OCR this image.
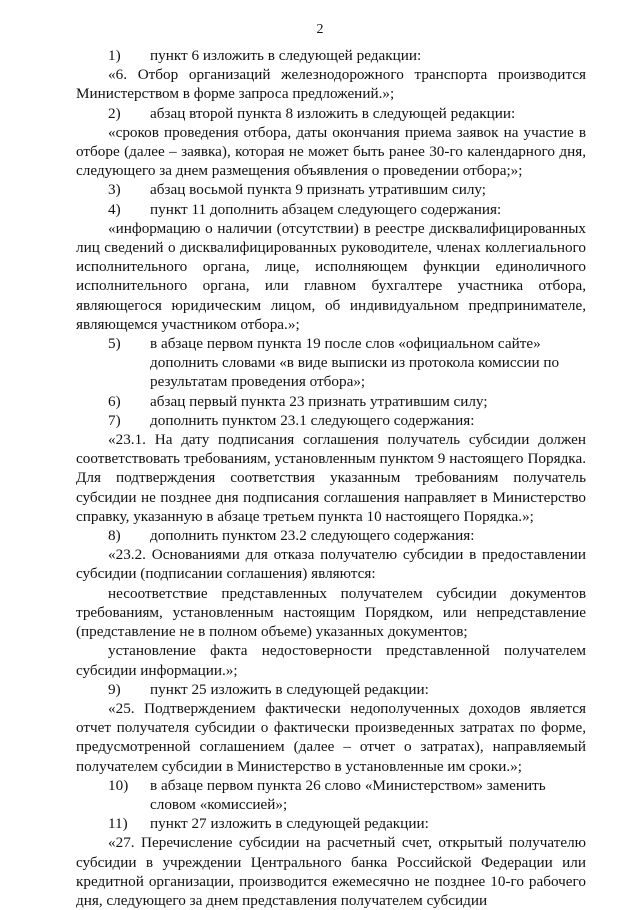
2

1)	пункт 6 изложить в следующей редакции:

«6. Отбор организаций железнодорожного транспорта производится Министерством в форме запроса предложений.»;

2)	абзац второй пункта 8 изложить в следующей редакции:

«сроков проведения отбора, даты окончания приема заявок на участие в отборе (далее – заявка), которая не может быть ранее 30-го календарного дня, следующего за днем размещения объявления о проведении отбора;»;

3)	абзац восьмой пункта 9 признать утратившим силу;

4)	пункт 11 дополнить абзацем следующего содержания:

«информацию о наличии (отсутствии) в реестре дисквалифицированных лиц сведений о дисквалифицированных руководителе, членах коллегиального исполнительного органа, лице, исполняющем функции единоличного исполнительного органа, или главном бухгалтере участника отбора, являющегося юридическим лицом, об индивидуальном предпринимателе, являющемся участником отбора.»;

5)	в абзаце первом пункта 19 после слов «официальном сайте» дополнить словами «в виде выписки из протокола комиссии по результатам проведения отбора»;

6)	абзац первый пункта 23 признать утратившим силу;

7)	дополнить пунктом 23.1 следующего содержания:

«23.1. На дату подписания соглашения получатель субсидии должен соответствовать требованиям, установленным пунктом 9 настоящего Порядка. Для подтверждения соответствия указанным требованиям получатель субсидии не позднее дня подписания соглашения направляет в Министерство справку, указанную в абзаце третьем пункта 10 настоящего Порядка.»;

8)	дополнить пунктом 23.2 следующего содержания:

«23.2. Основаниями для отказа получателю субсидии в предоставлении субсидии (подписании соглашения) являются:

несоответствие представленных получателем субсидии документов требованиям, установленным настоящим Порядком, или непредставление (представление не в полном объеме) указанных документов;

установление факта недостоверности представленной получателем субсидии информации.»;

9)	пункт 25 изложить в следующей редакции:

«25. Подтверждением фактически недополученных доходов является отчет получателя субсидии о фактически произведенных затратах по форме, предусмотренной соглашением (далее – отчет о затратах), направляемый получателем субсидии в Министерство в установленные им сроки.»;

10)	в абзаце первом пункта 26 слово «Министерством» заменить словом «комиссией»;

11)	пункт 27 изложить в следующей редакции:

«27. Перечисление субсидии на расчетный счет, открытый получателю субсидии в учреждении Центрального банка Российской Федерации или кредитной организации, производится ежемесячно не позднее 10-го рабочего дня, следующего за днем представления получателем субсидии
